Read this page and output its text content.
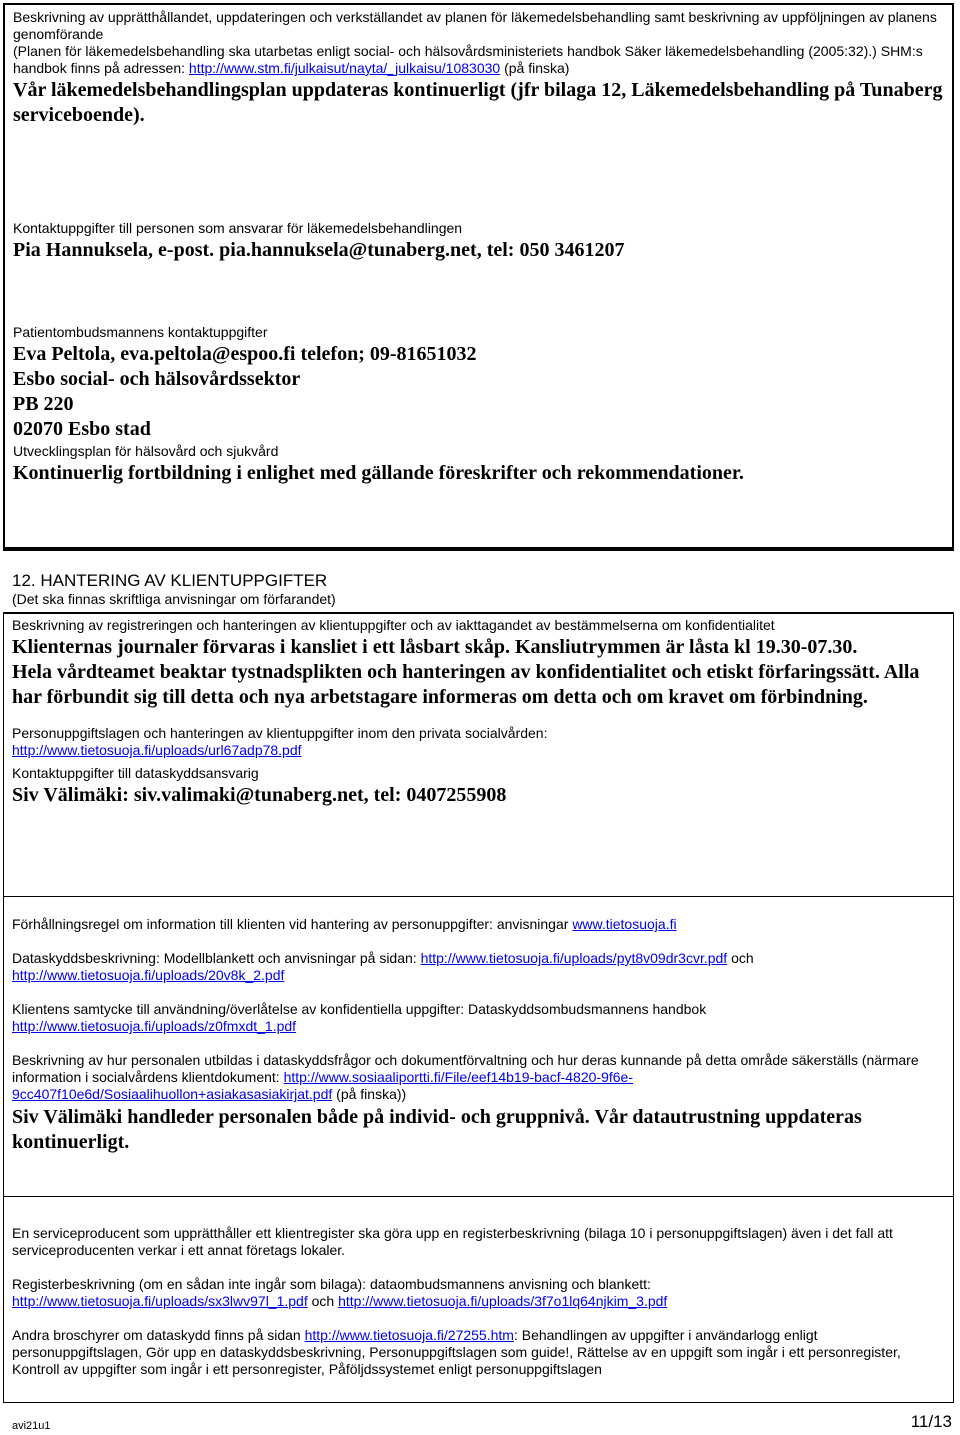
Beskrivning av upprätthållandet, uppdateringen och verkställandet av planen för läkemedelsbehandling samt beskrivning av uppföljningen av planens genomförande

(Planen för läkemedelsbehandling ska utarbetas enligt social- och hälsovårdsministeriets handbok Säker läkemedelsbehandling (2005:32).) SHM:s handbok finns på adressen: http://www.stm.fi/julkaisut/nayta/_julkaisu/1083030 (på finska)

Vår läkemedelsbehandlingsplan uppdateras kontinuerligt (jfr bilaga 12, Läkemedelsbehandling på Tunaberg serviceboende).

Kontaktuppgifter till personen som ansvarar för läkemedelsbehandlingen

Pia Hannuksela, e-post. pia.hannuksela@tunaberg.net, tel: 050 3461207

Patientombudsmannens kontaktuppgifter

Eva Peltola, eva.peltola@espoo.fi telefon; 09-81651032

Esbo social- och hälsovårdssektor

PB 220

02070 Esbo stad

Utvecklingsplan för hälsovård och sjukvård

Kontinuerlig fortbildning i enlighet med gällande föreskrifter och rekommendationer.

12. HANTERING AV KLIENTUPPGIFTER
(Det ska finnas skriftliga anvisningar om förfarandet)

Beskrivning av registreringen och hanteringen av klientuppgifter och av iakttagandet av bestämmelserna om konfidentialitet

Klienternas journaler förvaras i kansliet i ett låsbart skåp. Kansliutrymmen är låsta kl 19.30-07.30.

Hela vårdteamet beaktar tystnadsplikten och hanteringen av konfidentialitet och etiskt förfaringssätt. Alla har förbundit sig till detta och nya arbetstagare informeras om detta och om kravet om förbindning.

Personuppgiftslagen och hanteringen av klientuppgifter inom den privata socialvården:

http://www.tietosuoja.fi/uploads/url67adp78.pdf

Kontaktuppgifter till dataskyddsansvarig

Siv Välimäki: siv.valimaki@tunaberg.net, tel: 0407255908

Förhållningsregel om information till klienten vid hantering av personuppgifter: anvisningar www.tietosuoja.fi

Dataskyddsbeskrivning: Modellblankett och anvisningar på sidan: http://www.tietosuoja.fi/uploads/pyt8v09dr3cvr.pdf och
http://www.tietosuoja.fi/uploads/20v8k_2.pdf

Klientens samtycke till användning/överlåtelse av konfidentiella uppgifter: Dataskyddsombudsmannens handbok
http://www.tietosuoja.fi/uploads/z0fmxdt_1.pdf

Beskrivning av hur personalen utbildas i dataskyddsfrågor och dokumentförvaltning och hur deras kunnande på detta område säkerställs (närmare information i socialvårdens klientdokument: http://www.sosiaaliportti.fi/File/eef14b19-bacf-4820-9f6e-9cc407f10e6d/Sosiaalihuollon+asiakasasiakirjat.pdf (på finska))

Siv Välimäki handleder personalen både på individ- och gruppnivå. Vår datautrustning uppdateras kontinuerligt.

En serviceproducent som upprätthåller ett klientregister ska göra upp en registerbeskrivning (bilaga 10 i personuppgiftslagen) även i det fall att serviceproducenten verkar i ett annat företags lokaler.

Registerbeskrivning (om en sådan inte ingår som bilaga): dataombudsmannens anvisning och blankett:
http://www.tietosuoja.fi/uploads/sx3lwv97l_1.pdf och http://www.tietosuoja.fi/uploads/3f7o1lq64njkim_3.pdf

Andra broschyrer om dataskydd finns på sidan http://www.tietosuoja.fi/27255.htm: Behandlingen av uppgifter i användarlogg enligt personuppgiftslagen, Gör upp en dataskyddsbeskrivning, Personuppgiftslagen som guide!, Rättelse av en uppgift som ingår i ett personregister, Kontroll av uppgifter som ingår i ett personregister, Påföljdssystemet enligt personuppgiftslagen

avi21u1	11/13
